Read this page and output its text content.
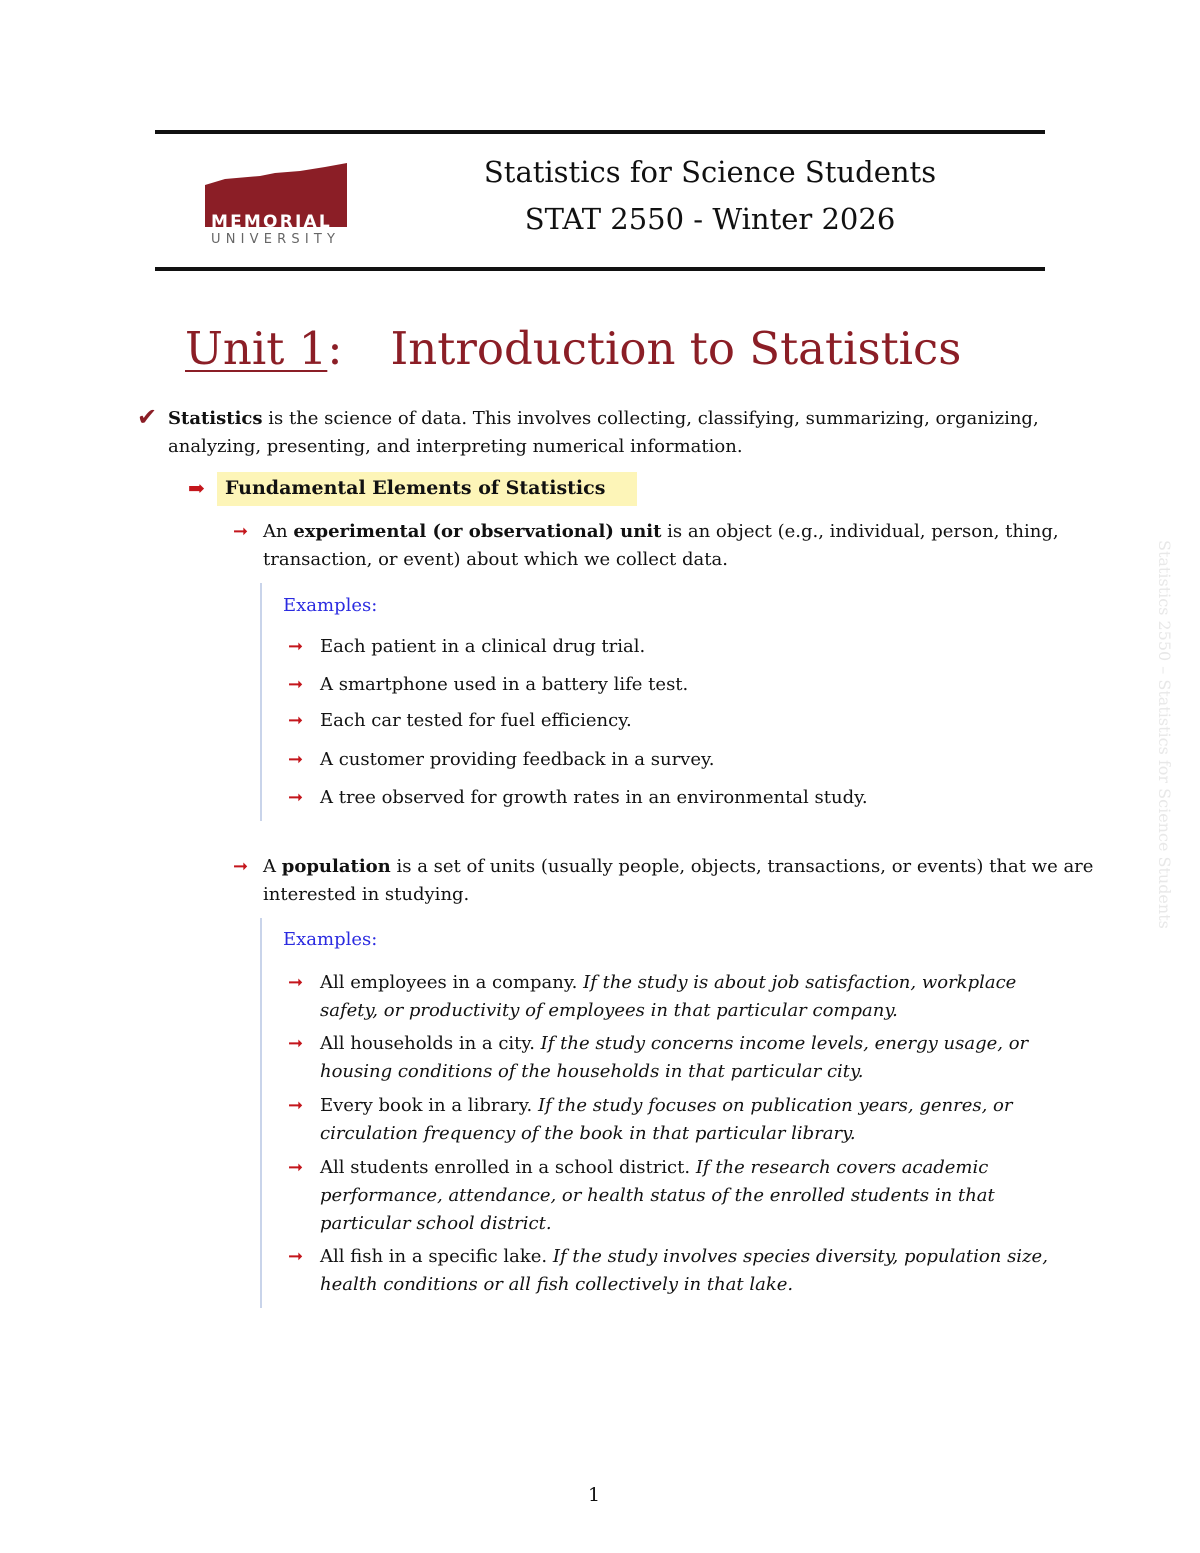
MEMORIAL
UNIVERSITY
Statistics for Science Students
STAT 2550 - Winter 2026
Unit 1: Introduction to Statistics
✔ Statistics is the science of data. This involves collecting, classifying, summarizing, organizing, analyzing, presenting, and interpreting numerical information.
➡ Fundamental Elements of Statistics
➞ An experimental (or observational) unit is an object (e.g., individual, person, thing, transaction, or event) about which we collect data.
Examples:
➞ Each patient in a clinical drug trial.
➞ A smartphone used in a battery life test.
➞ Each car tested for fuel efficiency.
➞ A customer providing feedback in a survey.
➞ A tree observed for growth rates in an environmental study.
➞ A population is a set of units (usually people, objects, transactions, or events) that we are interested in studying.
Examples:
➞ All employees in a company. If the study is about job satisfaction, workplace safety, or productivity of employees in that particular company.
➞ All households in a city. If the study concerns income levels, energy usage, or housing conditions of the households in that particular city.
➞ Every book in a library. If the study focuses on publication years, genres, or circulation frequency of the book in that particular library.
➞ All students enrolled in a school district. If the research covers academic performance, attendance, or health status of the enrolled students in that particular school district.
➞ All fish in a specific lake. If the study involves species diversity, population size, health conditions or all fish collectively in that lake.
Statistics 2550 – Statistics for Science Students
1
